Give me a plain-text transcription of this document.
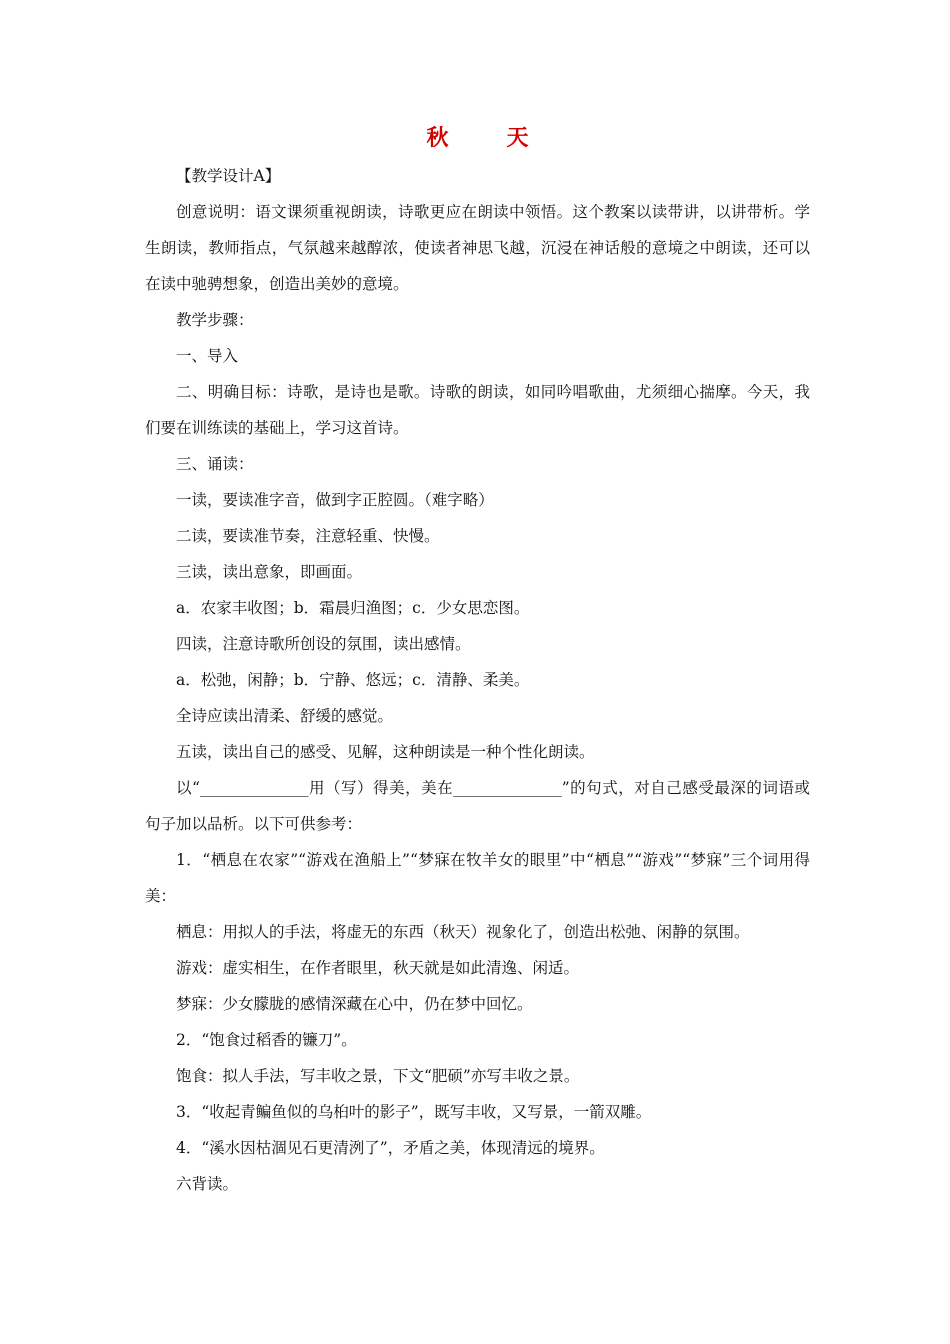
秋　天

【教学设计A】

创意说明：语文课须重视朗读，诗歌更应在朗读中领悟。这个教案以读带讲，以讲带析。学生朗读，教师指点，气氛越来越醇浓，使读者神思飞越，沉浸在神话般的意境之中朗读，还可以在读中驰骋想象，创造出美妙的意境。

教学步骤：

一、导入

二、明确目标：诗歌，是诗也是歌。诗歌的朗读，如同吟唱歌曲，尤须细心揣摩。今天，我们要在训练读的基础上，学习这首诗。

三、诵读：

一读，要读准字音，做到字正腔圆。（难字略）

二读，要读准节奏，注意轻重、快慢。

三读，读出意象，即画面。

a．农家丰收图；b．霜晨归渔图；c．少女思恋图。

四读，注意诗歌所创设的氛围，读出感情。

a．松弛，闲静；b．宁静、悠远；c．清静、柔美。

全诗应读出清柔、舒缓的感觉。

五读，读出自己的感受、见解，这种朗读是一种个性化朗读。

以“______________用（写）得美，美在______________”的句式，对自己感受最深的词语或句子加以品析。以下可供参考：

1．“栖息在农家”“游戏在渔船上”“梦寐在牧羊女的眼里”中“栖息”“游戏”“梦寐”三个词用得美：

栖息：用拟人的手法，将虚无的东西（秋天）视象化了，创造出松弛、闲静的氛围。

游戏：虚实相生，在作者眼里，秋天就是如此清逸、闲适。

梦寐：少女朦胧的感情深藏在心中，仍在梦中回忆。

2．“饱食过稻香的镰刀”。

饱食：拟人手法，写丰收之景，下文“肥硕”亦写丰收之景。

3．“收起青鳊鱼似的乌桕叶的影子”，既写丰收，又写景，一箭双雕。

4．“溪水因枯涸见石更清洌了”，矛盾之美，体现清远的境界。

六背读。
